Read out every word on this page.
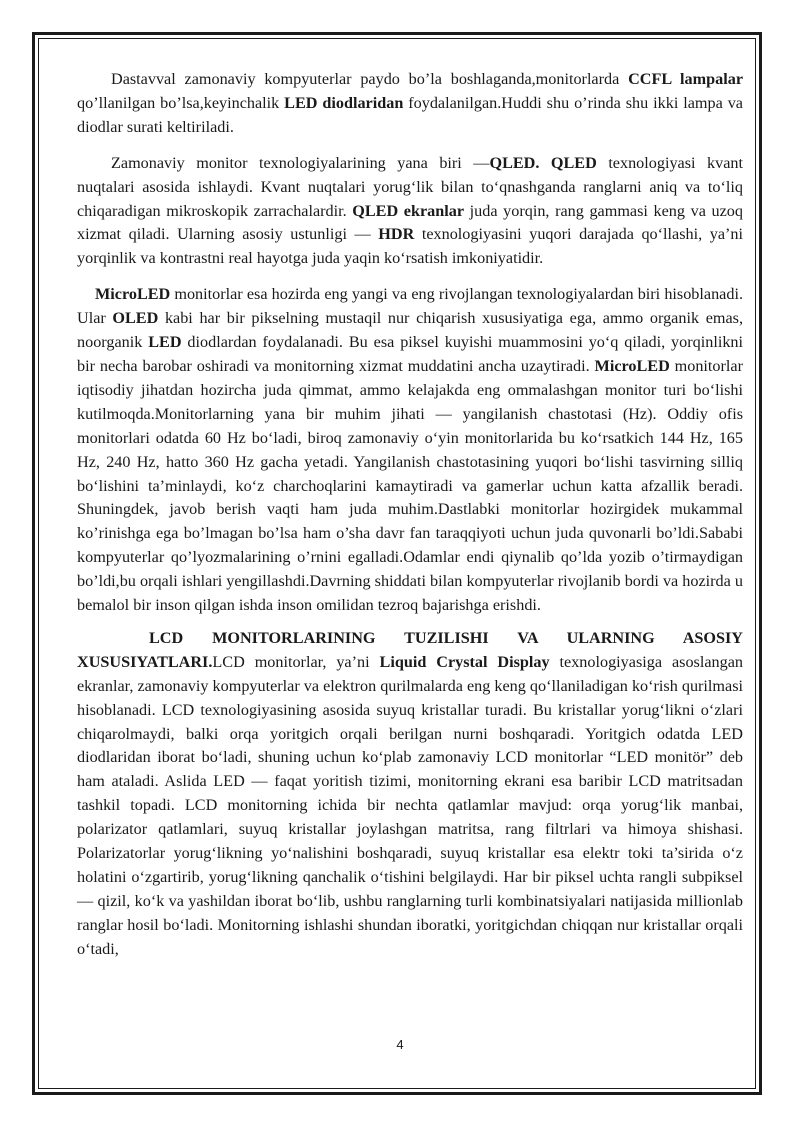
Dastavval zamonaviy kompyuterlar paydo bo’la boshlaganda,monitorlarda CCFL lampalar qo’llanilgan bo’lsa,keyinchalik LED diodlaridan foydalanilgan.Huddi shu o’rinda shu ikki lampa va diodlar surati keltiriladi.

Zamonaviy monitor texnologiyalarining yana biri —QLED. QLED texnologiyasi kvant nuqtalari asosida ishlaydi. Kvant nuqtalari yorug‘lik bilan to‘qnashganda ranglarni aniq va to‘liq chiqaradigan mikroskopik zarrachalardir. QLED ekranlar juda yorqin, rang gammasi keng va uzoq xizmat qiladi. Ularning asosiy ustunligi — HDR texnologiyasini yuqori darajada qo‘llashi, ya’ni yorqinlik va kontrastni real hayotga juda yaqin ko‘rsatish imkoniyatidir.

MicroLED monitorlar esa hozirda eng yangi va eng rivojlangan texnologiyalardan biri hisoblanadi. Ular OLED kabi har bir pikselning mustaqil nur chiqarish xususiyatiga ega, ammo organik emas, noorganik LED diodlardan foydalanadi. Bu esa piksel kuyishi muammosini yo‘q qiladi, yorqinlikni bir necha barobar oshiradi va monitorning xizmat muddatini ancha uzaytiradi. MicroLED monitorlar iqtisodiy jihatdan hozircha juda qimmat, ammo kelajakda eng ommalashgan monitor turi bo‘lishi kutilmoqda.Monitorlarning yana bir muhim jihati — yangilanish chastotasi (Hz). Oddiy ofis monitorlari odatda 60 Hz bo‘ladi, biroq zamonaviy o‘yin monitorlarida bu ko‘rsatkich 144 Hz, 165 Hz, 240 Hz, hatto 360 Hz gacha yetadi. Yangilanish chastotasining yuqori bo‘lishi tasvirning silliq bo‘lishini ta’minlaydi, ko‘z charchoqlarini kamaytiradi va gamerlar uchun katta afzallik beradi. Shuningdek, javob berish vaqti ham juda muhim.Dastlabki monitorlar hozirgidek mukammal ko’rinishga ega bo’lmagan bo’lsa ham o’sha davr fan taraqqiyoti uchun juda quvonarli bo’ldi.Sababi kompyuterlar qo’lyozmalarining o’rnini egalladi.Odamlar endi qiynalib qo’lda yozib o’tirmaydigan bo’ldi,bu orqali ishlari yengillashdi.Davrning shiddati bilan kompyuterlar rivojlanib bordi va hozirda u bemalol bir inson qilgan ishda inson omilidan tezroq bajarishga erishdi.

LCD MONITORLARINING TUZILISHI VA ULARNING ASOSIY XUSUSIYATLARI.LCD monitorlar, ya’ni Liquid Crystal Display texnologiyasiga asoslangan ekranlar, zamonaviy kompyuterlar va elektron qurilmalarda eng keng qo‘llaniladigan ko‘rish qurilmasi hisoblanadi. LCD texnologiyasining asosida suyuq kristallar turadi. Bu kristallar yorug‘likni o‘zlari chiqarolmaydi, balki orqa yoritgich orqali berilgan nurni boshqaradi. Yoritgich odatda LED diodlaridan iborat bo‘ladi, shuning uchun ko‘plab zamonaviy LCD monitorlar “LED monitör” deb ham ataladi. Aslida LED — faqat yoritish tizimi, monitorning ekrani esa baribir LCD matritsadan tashkil topadi. LCD monitorning ichida bir nechta qatlamlar mavjud: orqa yorug‘lik manbai, polarizator qatlamlari, suyuq kristallar joylashgan matritsa, rang filtrlari va himoya shishasi. Polarizatorlar yorug‘likning yo‘nalishini boshqaradi, suyuq kristallar esa elektr toki ta’sirida o‘z holatini o‘zgartirib, yorug‘likning qanchalik o‘tishini belgilaydi. Har bir piksel uchta rangli subpiksel — qizil, ko‘k va yashildan iborat bo‘lib, ushbu ranglarning turli kombinatsiyalari natijasida millionlab ranglar hosil bo‘ladi. Monitorning ishlashi shundan iboratki, yoritgichdan chiqqan nur kristallar orqali o‘tadi,

4
